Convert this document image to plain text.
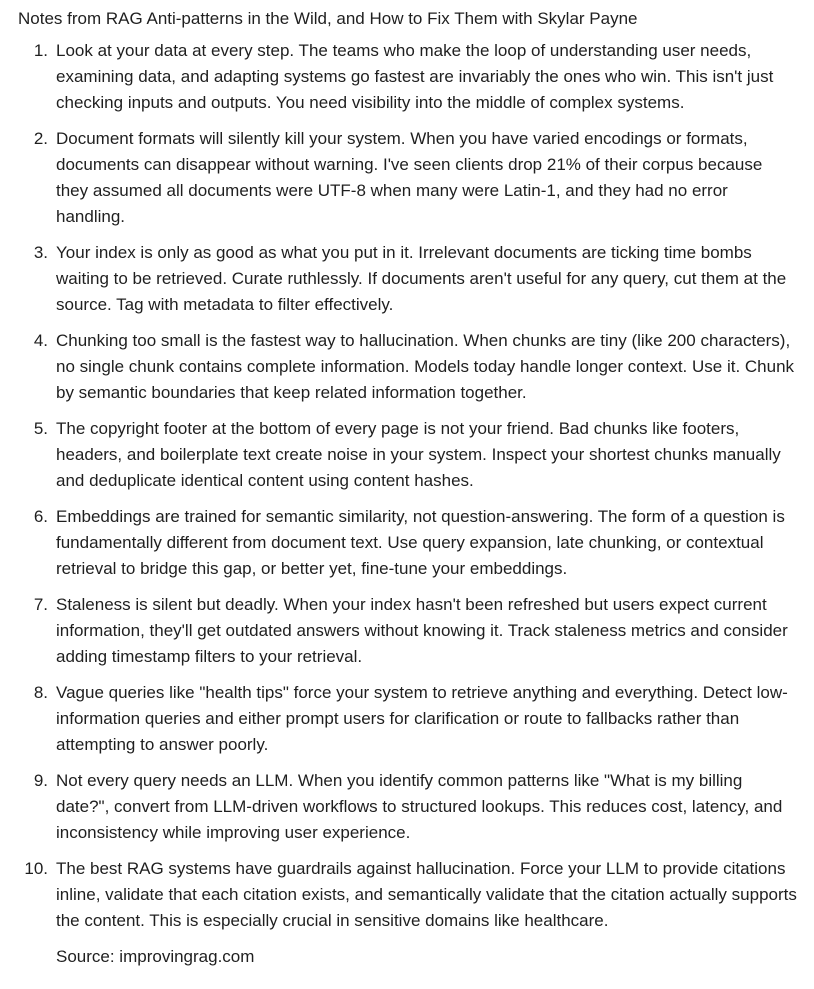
Notes from RAG Anti-patterns in the Wild, and How to Fix Them with Skylar Payne
1. Look at your data at every step. The teams who make the loop of understanding user needs, examining data, and adapting systems go fastest are invariably the ones who win. This isn't just checking inputs and outputs. You need visibility into the middle of complex systems.
2. Document formats will silently kill your system. When you have varied encodings or formats, documents can disappear without warning. I've seen clients drop 21% of their corpus because they assumed all documents were UTF-8 when many were Latin-1, and they had no error handling.
3. Your index is only as good as what you put in it. Irrelevant documents are ticking time bombs waiting to be retrieved. Curate ruthlessly. If documents aren't useful for any query, cut them at the source. Tag with metadata to filter effectively.
4. Chunking too small is the fastest way to hallucination. When chunks are tiny (like 200 characters), no single chunk contains complete information. Models today handle longer context. Use it. Chunk by semantic boundaries that keep related information together.
5. The copyright footer at the bottom of every page is not your friend. Bad chunks like footers, headers, and boilerplate text create noise in your system. Inspect your shortest chunks manually and deduplicate identical content using content hashes.
6. Embeddings are trained for semantic similarity, not question-answering. The form of a question is fundamentally different from document text. Use query expansion, late chunking, or contextual retrieval to bridge this gap, or better yet, fine-tune your embeddings.
7. Staleness is silent but deadly. When your index hasn't been refreshed but users expect current information, they'll get outdated answers without knowing it. Track staleness metrics and consider adding timestamp filters to your retrieval.
8. Vague queries like "health tips" force your system to retrieve anything and everything. Detect low-information queries and either prompt users for clarification or route to fallbacks rather than attempting to answer poorly.
9. Not every query needs an LLM. When you identify common patterns like "What is my billing date?", convert from LLM-driven workflows to structured lookups. This reduces cost, latency, and inconsistency while improving user experience.
10. The best RAG systems have guardrails against hallucination. Force your LLM to provide citations inline, validate that each citation exists, and semantically validate that the citation actually supports the content. This is especially crucial in sensitive domains like healthcare.
Source: improvingrag.com
